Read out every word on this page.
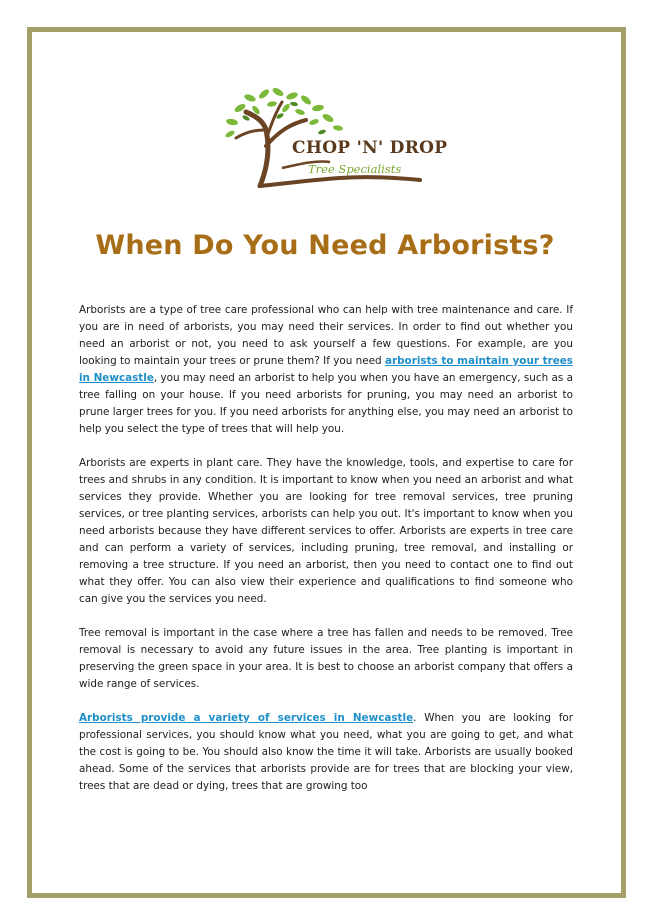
CHOP 'N' DROP
Tree Specialists
When Do You Need Arborists?

Arborists are a type of tree care professional who can help with tree maintenance and care. If you are in need of arborists, you may need their services. In order to find out whether you need an arborist or not, you need to ask yourself a few questions. For example, are you looking to maintain your trees or prune them? If you need arborists to maintain your trees in Newcastle, you may need an arborist to help you when you have an emergency, such as a tree falling on your house. If you need arborists for pruning, you may need an arborist to prune larger trees for you. If you need arborists for anything else, you may need an arborist to help you select the type of trees that will help you.

Arborists are experts in plant care. They have the knowledge, tools, and expertise to care for trees and shrubs in any condition. It is important to know when you need an arborist and what services they provide. Whether you are looking for tree removal services, tree pruning services, or tree planting services, arborists can help you out. It's important to know when you need arborists because they have different services to offer. Arborists are experts in tree care and can perform a variety of services, including pruning, tree removal, and installing or removing a tree structure. If you need an arborist, then you need to contact one to find out what they offer. You can also view their experience and qualifications to find someone who can give you the services you need.

Tree removal is important in the case where a tree has fallen and needs to be removed. Tree removal is necessary to avoid any future issues in the area. Tree planting is important in preserving the green space in your area. It is best to choose an arborist company that offers a wide range of services.

Arborists provide a variety of services in Newcastle. When you are looking for professional services, you should know what you need, what you are going to get, and what the cost is going to be. You should also know the time it will take. Arborists are usually booked ahead. Some of the services that arborists provide are for trees that are blocking your view, trees that are dead or dying, trees that are growing too
